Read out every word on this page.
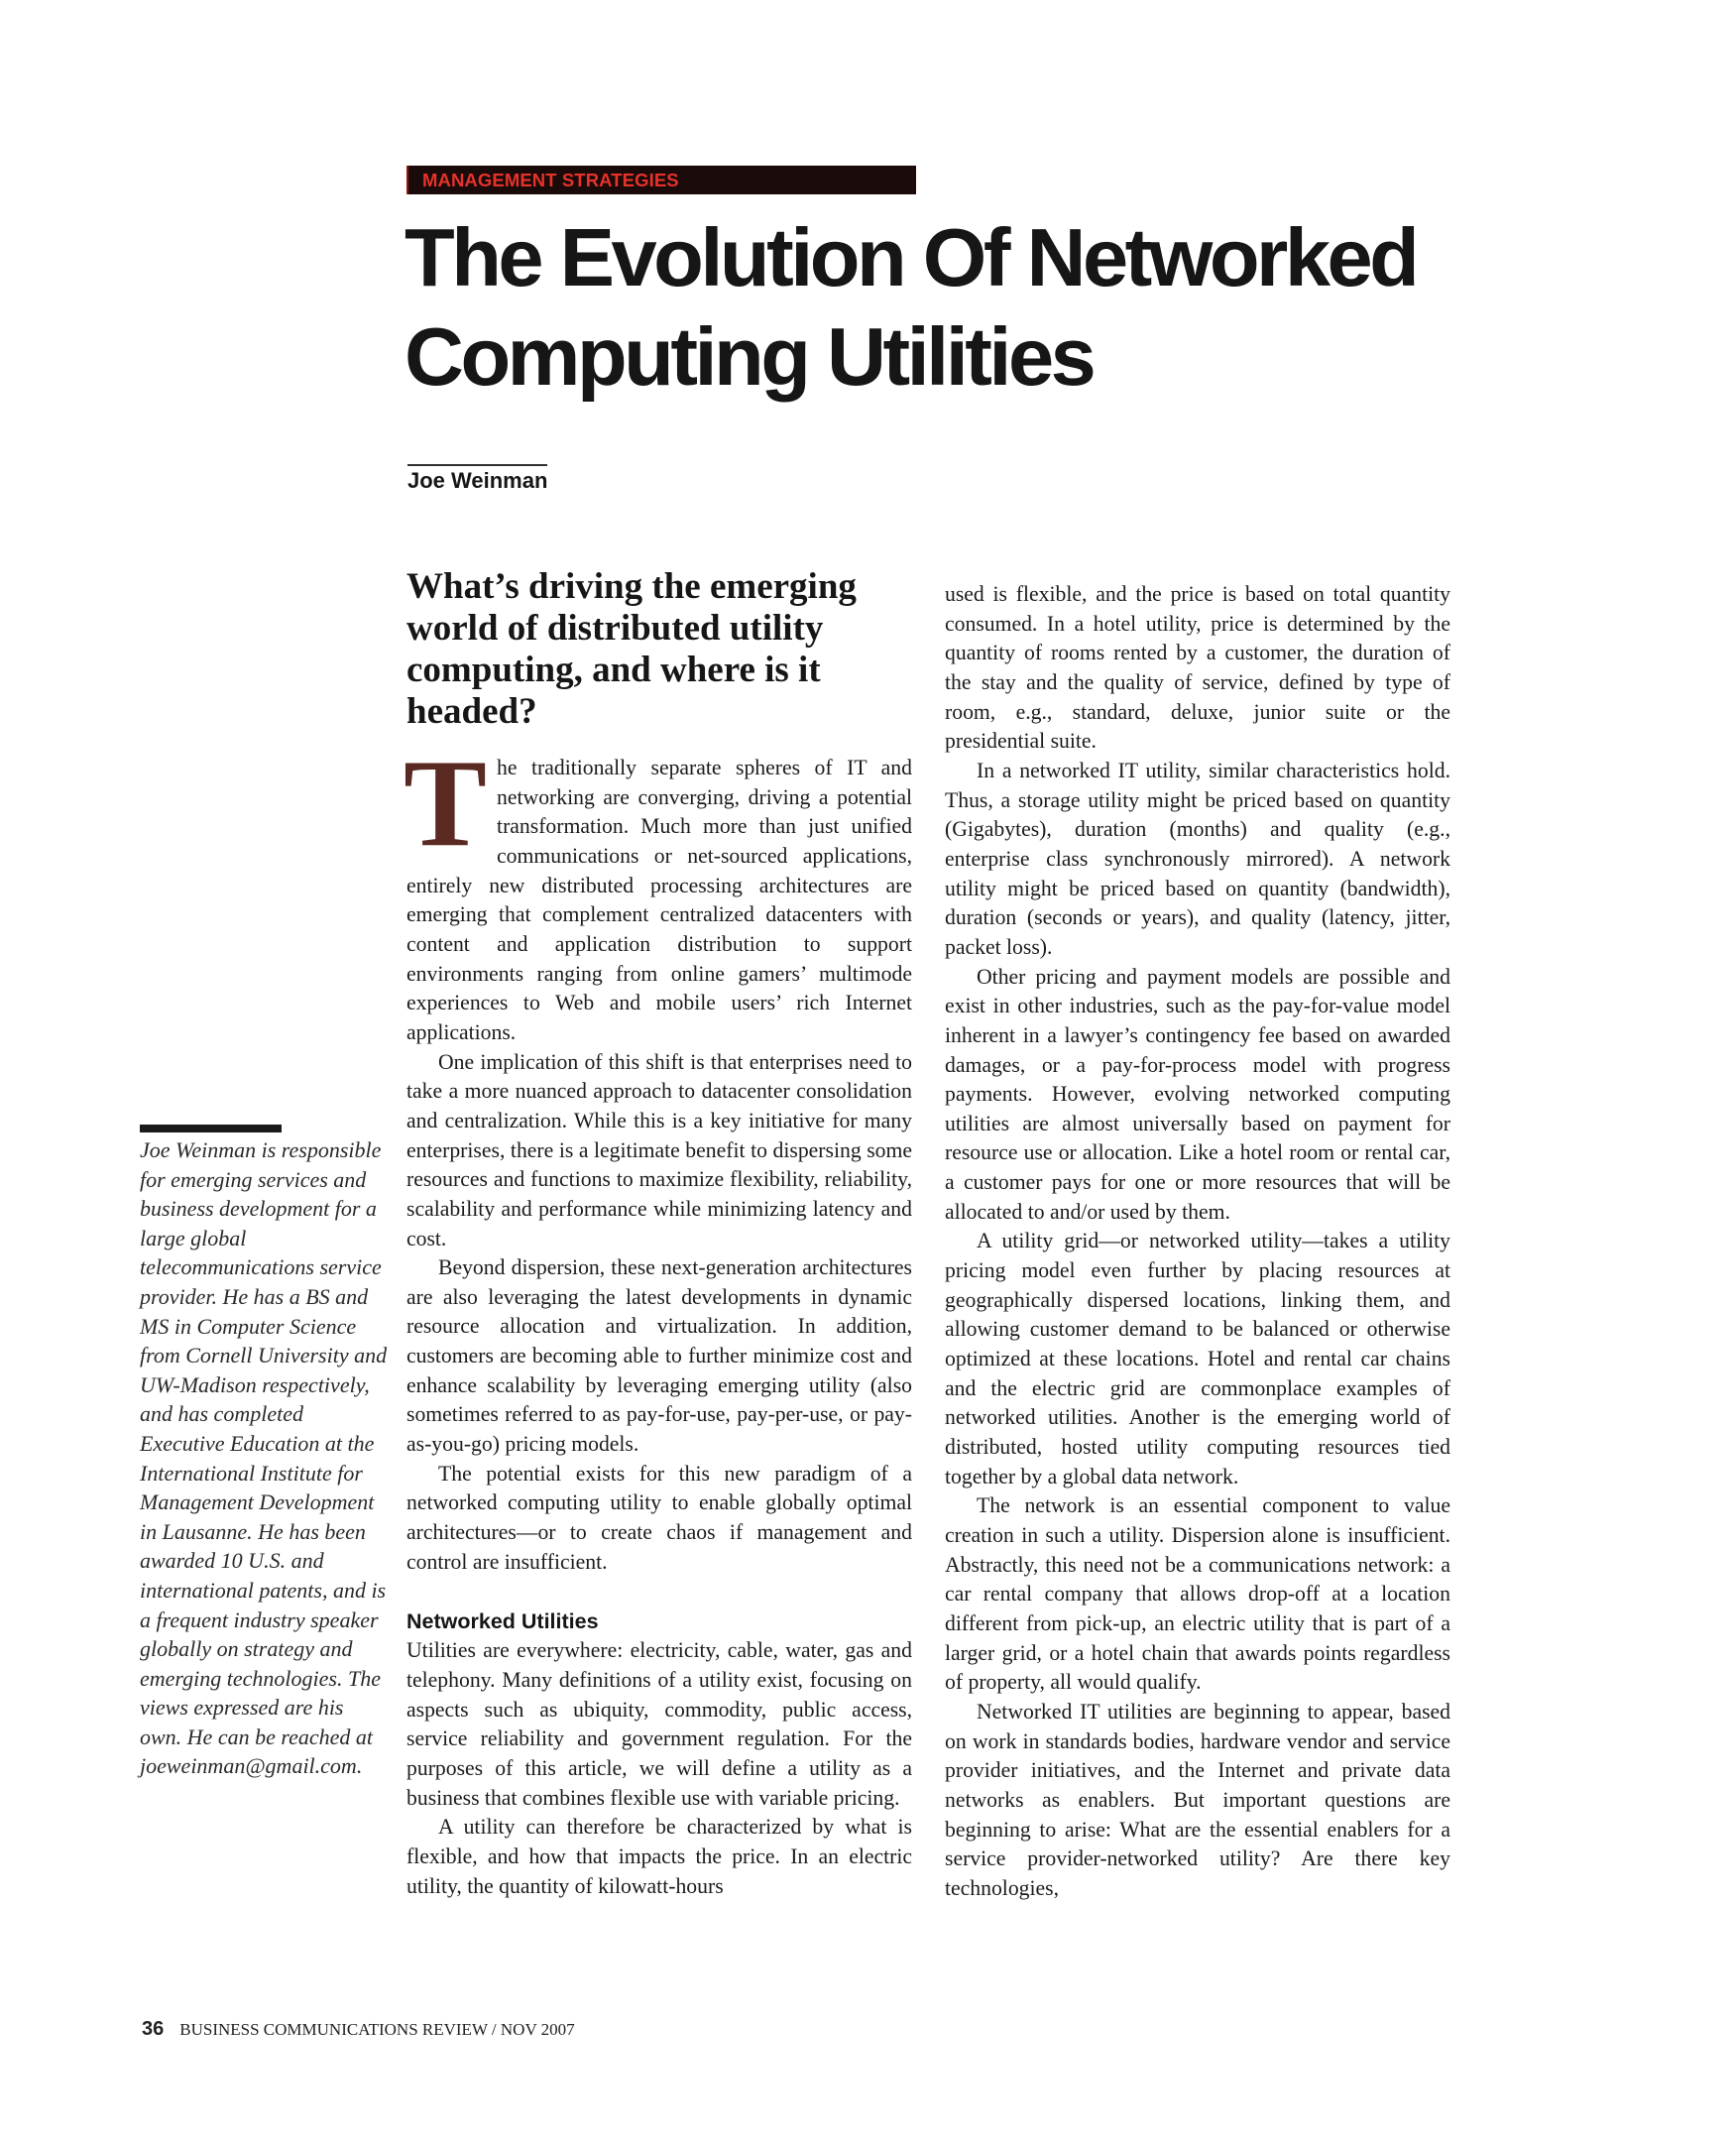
MANAGEMENT STRATEGIES
The Evolution Of Networked
Computing Utilities
Joe Weinman
What’s driving the emerging world of distributed utility computing, and where is it headed?
Joe Weinman is responsible for emerging services and business development for a large global telecommunications service provider. He has a BS and MS in Computer Science from Cornell University and UW-Madison respectively, and has completed Executive Education at the International Institute for Management Development in Lausanne. He has been awarded 10 U.S. and international patents, and is a frequent industry speaker globally on strategy and emerging technologies. The views expressed are his own. He can be reached at joeweinman@gmail.com.

The traditionally separate spheres of IT and networking are converging, driving a potential transformation. Much more than just unified communications or net-sourced applications, entirely new distributed processing architectures are emerging that complement centralized datacenters with content and application distribution to support environments ranging from online gamers’ multimode experiences to Web and mobile users’ rich Internet applications.

One implication of this shift is that enterprises need to take a more nuanced approach to datacenter consolidation and centralization. While this is a key initiative for many enterprises, there is a legitimate benefit to dispersing some resources and functions to maximize flexibility, reliability, scalability and performance while minimizing latency and cost.

Beyond dispersion, these next-generation architectures are also leveraging the latest developments in dynamic resource allocation and virtualization. In addition, customers are becoming able to further minimize cost and enhance scalability by leveraging emerging utility (also sometimes referred to as pay-for-use, pay-per-use, or pay-as-you-go) pricing models.

The potential exists for this new paradigm of a networked computing utility to enable globally optimal architectures—or to create chaos if management and control are insufficient.

Networked Utilities

Utilities are everywhere: electricity, cable, water, gas and telephony. Many definitions of a utility exist, focusing on aspects such as ubiquity, commodity, public access, service reliability and government regulation. For the purposes of this article, we will define a utility as a business that combines flexible use with variable pricing.

A utility can therefore be characterized by what is flexible, and how that impacts the price. In an electric utility, the quantity of kilowatt-hours

used is flexible, and the price is based on total quantity consumed. In a hotel utility, price is determined by the quantity of rooms rented by a customer, the duration of the stay and the quality of service, defined by type of room, e.g., standard, deluxe, junior suite or the presidential suite.

In a networked IT utility, similar characteristics hold. Thus, a storage utility might be priced based on quantity (Gigabytes), duration (months) and quality (e.g., enterprise class synchronously mirrored). A network utility might be priced based on quantity (bandwidth), duration (seconds or years), and quality (latency, jitter, packet loss).

Other pricing and payment models are possible and exist in other industries, such as the pay-for-value model inherent in a lawyer’s contingency fee based on awarded damages, or a pay-for-process model with progress payments. However, evolving networked computing utilities are almost universally based on payment for resource use or allocation. Like a hotel room or rental car, a customer pays for one or more resources that will be allocated to and/or used by them.

A utility grid—or networked utility—takes a utility pricing model even further by placing resources at geographically dispersed locations, linking them, and allowing customer demand to be balanced or otherwise optimized at these locations. Hotel and rental car chains and the electric grid are commonplace examples of networked utilities. Another is the emerging world of distributed, hosted utility computing resources tied together by a global data network.

The network is an essential component to value creation in such a utility. Dispersion alone is insufficient. Abstractly, this need not be a communications network: a car rental company that allows drop-off at a location different from pick-up, an electric utility that is part of a larger grid, or a hotel chain that awards points regardless of property, all would qualify.

Networked IT utilities are beginning to appear, based on work in standards bodies, hardware vendor and service provider initiatives, and the Internet and private data networks as enablers. But important questions are beginning to arise: What are the essential enablers for a service provider-networked utility? Are there key technologies,

36 BUSINESS COMMUNICATIONS REVIEW / NOV 2007
